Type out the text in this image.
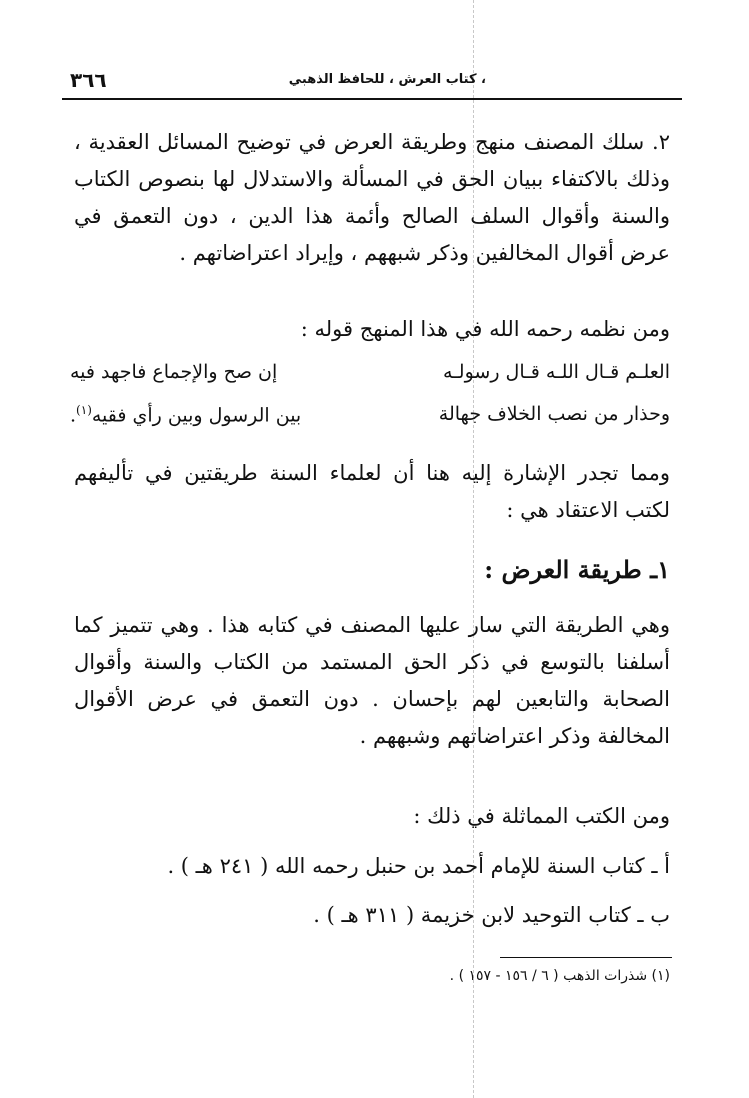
٣٦٦	، كتاب العرش ، للحافظ الذهبي

٢. سلك المصنف منهج وطريقة العرض في توضيح المسائل العقدية ، وذلك بالاكتفاء ببيان الحق في المسألة والاستدلال لها بنصوص الكتاب والسنة وأقوال السلف الصالح وأئمة هذا الدين ، دون التعمق في عرض أقوال المخالفين وذكر شبههم ، وإيراد اعتراضاتهم .

ومن نظمه رحمه الله في هذا المنهج قوله :
العلـم قـال اللـه قـال رسولـه
إن صح والإجماع فاجهد فيه
وحذار من نصب الخلاف جهالة
بين الرسول وبين رأي فقيه$^{(١)}$.

ومما تجدر الإشارة إليه هنا أن لعلماء السنة طريقتين في تأليفهم لكتب الاعتقاد هي :

١ـ طريقة العرض :

وهي الطريقة التي سار عليها المصنف في كتابه هذا . وهي تتميز كما أسلفنا بالتوسع في ذكر الحق المستمد من الكتاب والسنة وأقوال الصحابة والتابعين لهم بإحسان . دون التعمق في عرض الأقوال المخالفة وذكر اعتراضاتهم وشبههم .

ومن الكتب المماثلة في ذلك :
أ ـ كتاب السنة للإمام أحمد بن حنبل رحمه الله ( ٢٤١ هـ ) .
ب ـ كتاب التوحيد لابن خزيمة ( ٣١١ هـ ) .
(١) شذرات الذهب ( ٦ / ١٥٦ - ١٥٧ ) .
